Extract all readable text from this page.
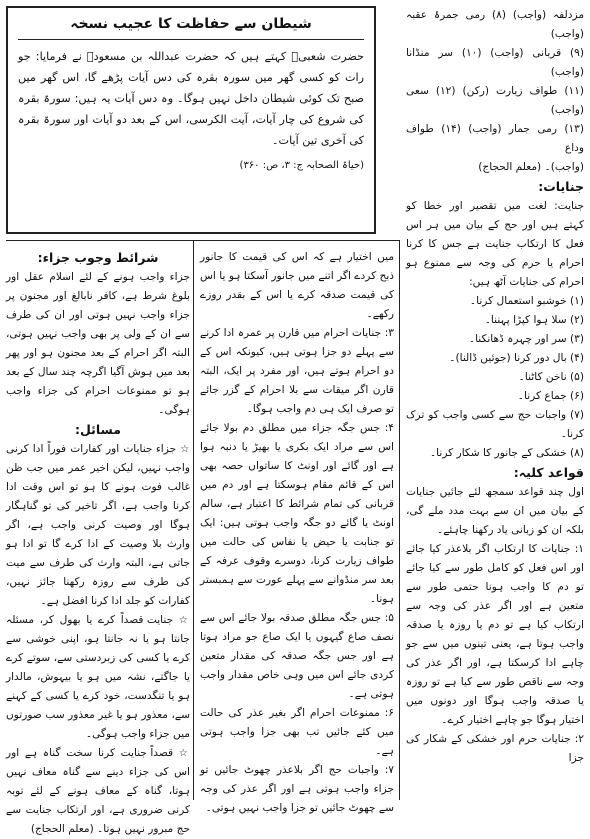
شیطان سے حفاظت کا عجیب نسخہ

حضرت شعبیؒ کہتے ہیں کہ حضرت عبداللہ بن مسعودؓ نے فرمایا: جو رات کو کسی گھر میں سورہ بقرہ کی دس آیات پڑھے گا، اس گھر میں صبح تک کوئی شیطان داخل نہیں ہوگا۔ وہ دس آیات یہ ہیں: سورۃ بقرہ کی شروع کی چار آیات، آیت الکرسی، اس کے بعد دو آیات اور سورۃ بقرہ کی آخری تین آیات۔

(حیاۃ الصحابہ ج: ۳، ص: ۳۶۰)

مزدلفہ (واجب) (۸) رمی جمرۂ عقبہ (واجب)

(۹) قربانی (واجب) (۱۰) سر منڈانا (واجب)

(۱۱) طواف زیارت (رکن) (۱۲) سعی (واجب)

(۱۳) رمی جمار (واجب) (۱۴) طواف وداع

(واجب)۔ (معلم الحجاج)

جنایات:

جنایت: لغت میں تقصیر اور خطا کو کہتے ہیں اور حج کے بیان میں ہر اس فعل کا ارتکاب جنایت ہے جس کا کرنا احرام یا حرم کی وجہ سے ممنوع ہو احرام کی جنایات آٹھ ہیں:

(۱) خوشبو استعمال کرنا۔

(۲) سلا ہوا کپڑا پہننا۔

(۳) سر اور چہرہ ڈھانکنا۔

(۴) بال دور کرنا (جوئیں ڈالنا)۔

(۵) ناخن کاٹنا۔

(۶) جماع کرنا۔

(۷) واجبات حج سے کسی واجب کو ترک کرنا۔

(۸) خشکی کے جانور کا شکار کرنا۔

قواعد کلیہ:

اول چند قواعد سمجھ لئے جائیں جنایات کے بیان میں ان سے بہت مدد ملے گی، بلکہ ان کو زبانی یاد رکھنا چاہئے۔

۱: جنایات کا ارتکاب اگر بلاعذر کیا جائے اور اس فعل کو کامل طور سے کیا جائے تو دم کا واجب ہونا حتمی طور سے متعین ہے اور اگر عذر کی وجہ سے ارتکاب کیا ہے تو دم یا روزہ یا صدقہ واجب ہوتا ہے، یعنی تینوں میں سے جو چاہے ادا کرسکتا ہے، اور اگر عذر کی وجہ سے ناقص طور سے کیا ہے تو روزہ یا صدقہ واجب ہوگا اور دونوں میں اختیار ہوگا جو چاہے اختیار کرے۔

۲: جنایات حرم اور خشکی کے شکار کی جزا

میں اختیار ہے کہ اس کی قیمت کا جانور ذبح کردے اگر اتنے میں جانور آسکتا ہو یا اس کی قیمت صدقہ کرے یا اس کے بقدر روزے رکھے۔

۳: جنایات احرام میں قارن پر عمرہ ادا کرنے سے پہلے دو جزا ہوتی ہیں، کیونکہ اس کے دو احرام ہوتے ہیں، اور مفرد پر ایک، البتہ قارن اگر میقات سے بلا احرام کے گزر جائے تو صرف ایک ہی دم واجب ہوگا۔

۴: جس جگہ جزاء میں مطلق دم بولا جائے اس سے مراد ایک بکری یا بھیڑ یا دنبہ ہوا ہے اور گائے اور اونٹ کا ساتواں حصہ بھی اس کے قائم مقام ہوسکتا ہے اور دم میں قربانی کی تمام شرائط کا اعتبار ہے، سالم اونٹ یا گائے دو جگہ واجب ہوتی ہیں: ایک تو جنابت یا حیض یا نفاس کی حالت میں طواف زیارت کرنا، دوسرے وقوف عرفہ کے بعد سر منڈوانے سے پہلے عورت سے ہمبستر ہونا۔

۵: جس جگہ مطلق صدقہ بولا جائے اس سے نصف صاع گیہوں یا ایک صاع جو مراد ہوتا ہے اور جس جگہ صدقہ کی مقدار متعین کردی جائے اس میں وہی خاص مقدار واجب ہوتی ہے۔

۶: ممنوعات احرام اگر بغیر عذر کی حالت میں کئے جائیں تب بھی جزا واجب ہوتی ہے۔

۷: واجبات حج اگر بلاعذر چھوٹ جائیں تو جزاء واجب ہوتی ہے اور اگر عذر کی وجہ سے چھوٹ جائیں تو جزا واجب نہیں ہوتی۔

شرائط وجوب جزاء:

جزاء واجب ہونے کے لئے اسلام عقل اور بلوغ شرط ہے، کافر نابالغ اور مجنون پر جزاء واجب نہیں ہوتی اور ان کی طرف سے ان کے ولی پر بھی واجب نہیں ہوتی، البتہ اگر احرام کے بعد مجنون ہو اور پھر بعد میں ہوش آگیا اگرچہ چند سال کے بعد ہو تو ممنوعات احرام کی جزاء واجب ہوگی۔

مسائل:

☆ جزاء جنایات اور کفارات فوراً ادا کرنی واجب نہیں، لیکن اخیر عمر میں جب ظن غالب فوت ہونے کا ہو تو اس وقت ادا کرنا واجب ہے، اگر تاخیر کی تو گناہگار ہوگا اور وصیت کرنی واجب ہے، اگر وارث بلا وصیت کے ادا کرے گا تو ادا ہو جاتی ہے، البتہ وارث کی طرف سے میت کی طرف سے روزہ رکھنا جائز نہیں، کفارات کو جلد ادا کرنا افضل ہے۔

☆ جنایت قصداً کرے یا بھول کر، مسئلہ جانتا ہو یا نہ جانتا ہو، اپنی خوشی سے کرے یا کسی کی زبردستی سے، سوتے کرے یا جاگتے، نشہ میں ہو یا بیہوش، مالدار ہو یا تنگدست، خود کرے یا کسی کے کہنے سے، معذور ہو یا غیر معذور سب صورتوں میں جزاء واجب ہوگی۔

☆ قصداً جنایت کرنا سخت گناہ ہے اور اس کی جزاء دینے سے گناہ معاف نہیں ہوتا، گناہ کے معاف ہونے کے لئے توبہ کرنی ضروری ہے، اور ارتکاب جنایت سے حج مبرور نہیں ہوتا۔ (معلم الحجاج)
